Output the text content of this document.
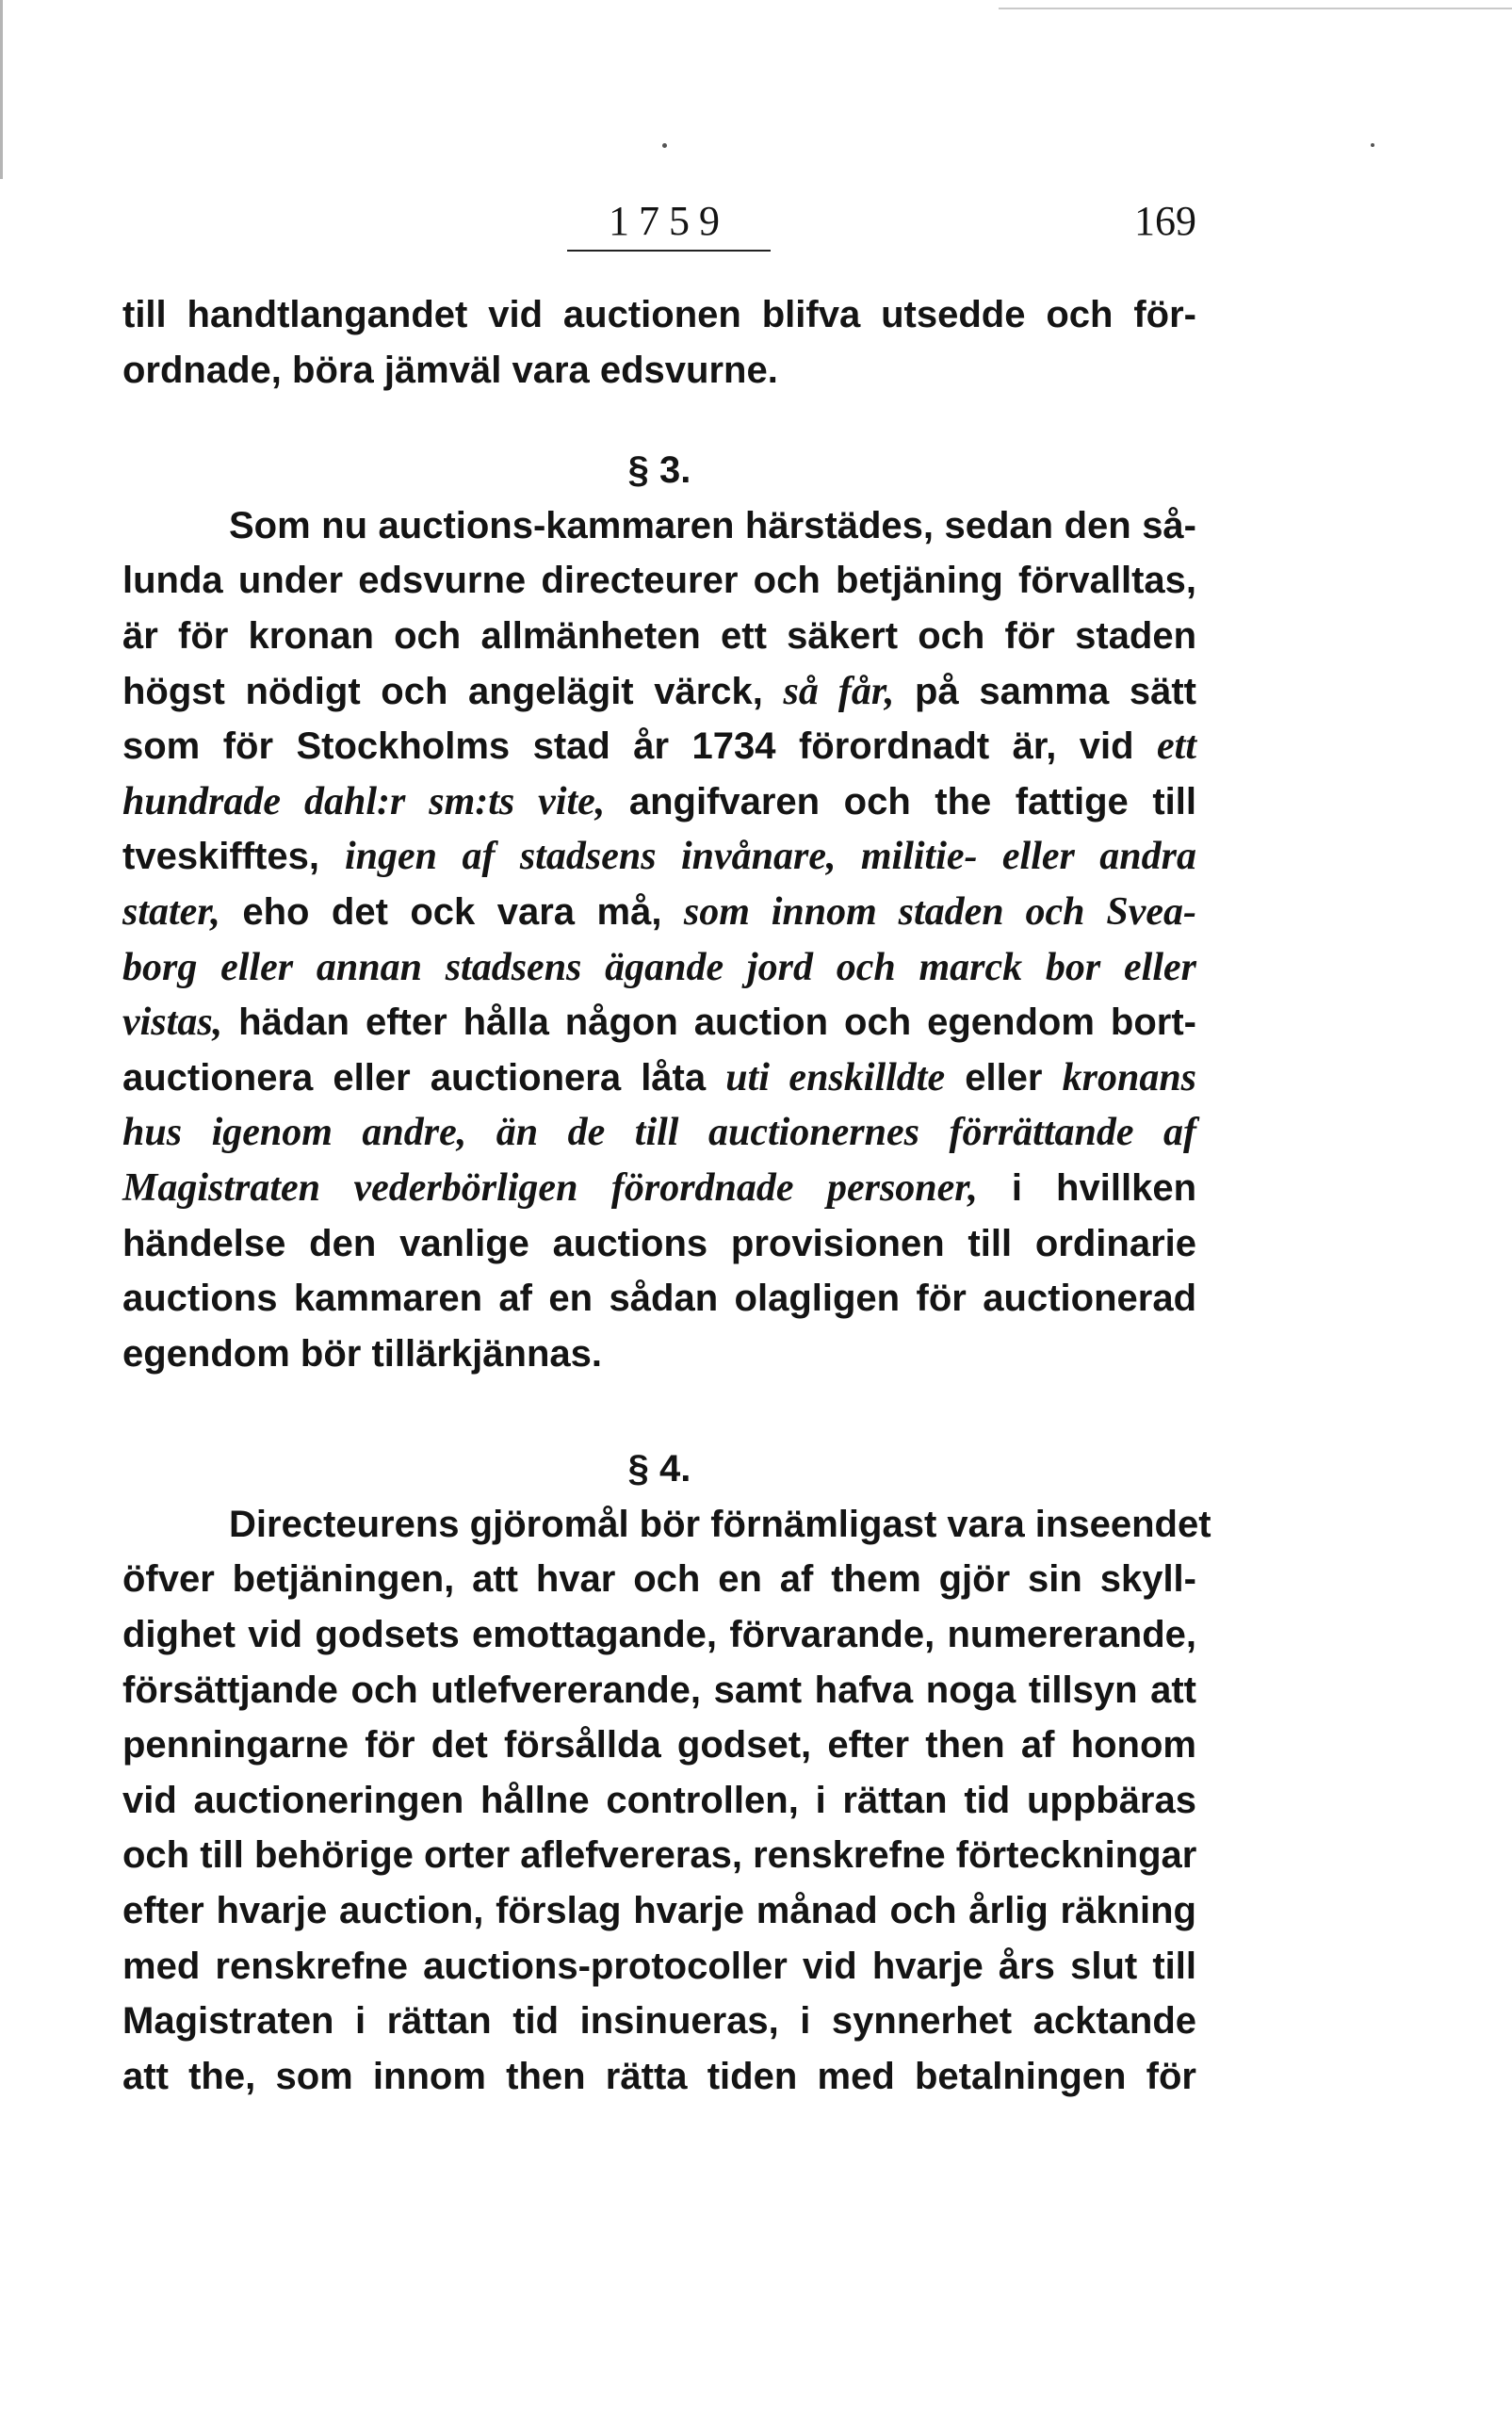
1759	169
till handtlangandet vid auctionen blifva utsedde och för-
ordnade, böra jämväl vara edsvurne.
§ 3.
Som nu auctions-kammaren härstädes, sedan den så-
lunda under edsvurne directeurer och betjäning förvalltas,
är för kronan och allmänheten ett säkert och för staden
högst nödigt och angelägit värck, så får, på samma sätt
som för Stockholms stad år 1734 förordnadt är, vid ett
hundrade dahl:r sm:ts vite, angifvaren och the fattige till
tveskifftes, ingen af stadsens invånare, militie- eller andra
stater, eho det ock vara må, som innom staden och Svea-
borg eller annan stadsens ägande jord och marck bor eller
vistas, hädan efter hålla någon auction och egendom bort-
auctionera eller auctionera låta uti enskilldte eller kronans
hus igenom andre, än de till auctionernes förrättande af
Magistraten vederbörligen förordnade personer, i hvillken
händelse den vanlige auctions provisionen till ordinarie
auctions kammaren af en sådan olagligen för auctionerad
egendom bör tillärkjännas.
§ 4.
Directeurens gjöromål bör förnämligast vara inseendet
öfver betjäningen, att hvar och en af them gjör sin skyll-
dighet vid godsets emottagande, förvarande, numererande,
försättjande och utlefvererande, samt hafva noga tillsyn att
penningarne för det försållda godset, efter then af honom
vid auctioneringen hållne controllen, i rättan tid uppbäras
och till behörige orter aflefvereras, renskrefne förteckningar
efter hvarje auction, förslag hvarje månad och årlig räkning
med renskrefne auctions-protocoller vid hvarje års slut till
Magistraten i rättan tid insinueras, i synnerhet acktande
att the, som innom then rätta tiden med betalningen för
